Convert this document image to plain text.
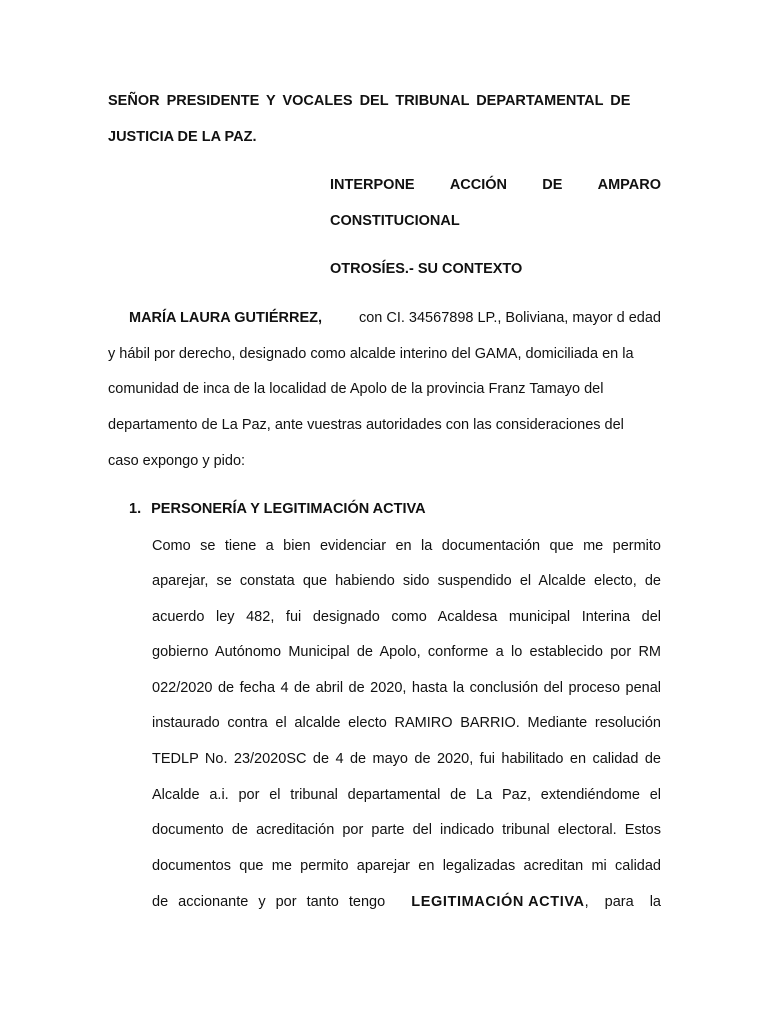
SEÑOR PRESIDENTE Y VOCALES DEL TRIBUNAL DEPARTAMENTAL DE
JUSTICIA DE LA PAZ.
INTERPONE ACCIÓN DE AMPARO
CONSTITUCIONAL
OTROSÍES.- SU CONTEXTO
MARÍA LAURA GUTIÉRREZ,	con CI. 34567898 LP., Boliviana, mayor d edad
y hábil por derecho, designado como alcalde interino del GAMA, domiciliada en la
comunidad de inca de la localidad de Apolo de la provincia Franz Tamayo del
departamento de La Paz, ante vuestras autoridades con las consideraciones del
caso expongo y pido:
1. PERSONERÍA Y LEGITIMACIÓN ACTIVA
Como se tiene a bien evidenciar en la documentación que me permito
aparejar, se constata que habiendo sido suspendido el Alcalde electo, de
acuerdo ley 482, fui designado como Acaldesa municipal Interina del
gobierno Autónomo Municipal de Apolo, conforme a lo establecido por RM
022/2020 de fecha 4 de abril de 2020, hasta la conclusión del proceso penal
instaurado contra el alcalde electo RAMIRO BARRIO. Mediante resolución
TEDLP No. 23/2020SC de 4 de mayo de 2020, fui habilitado en calidad de
Alcalde a.i. por el tribunal departamental de La Paz, extendiéndome el
documento de acreditación por parte del indicado tribunal electoral. Estos
documentos que me permito aparejar en legalizadas acreditan mi calidad
de accionante y por tanto tengo LEGITIMACIÓN ACTIVA, para la
